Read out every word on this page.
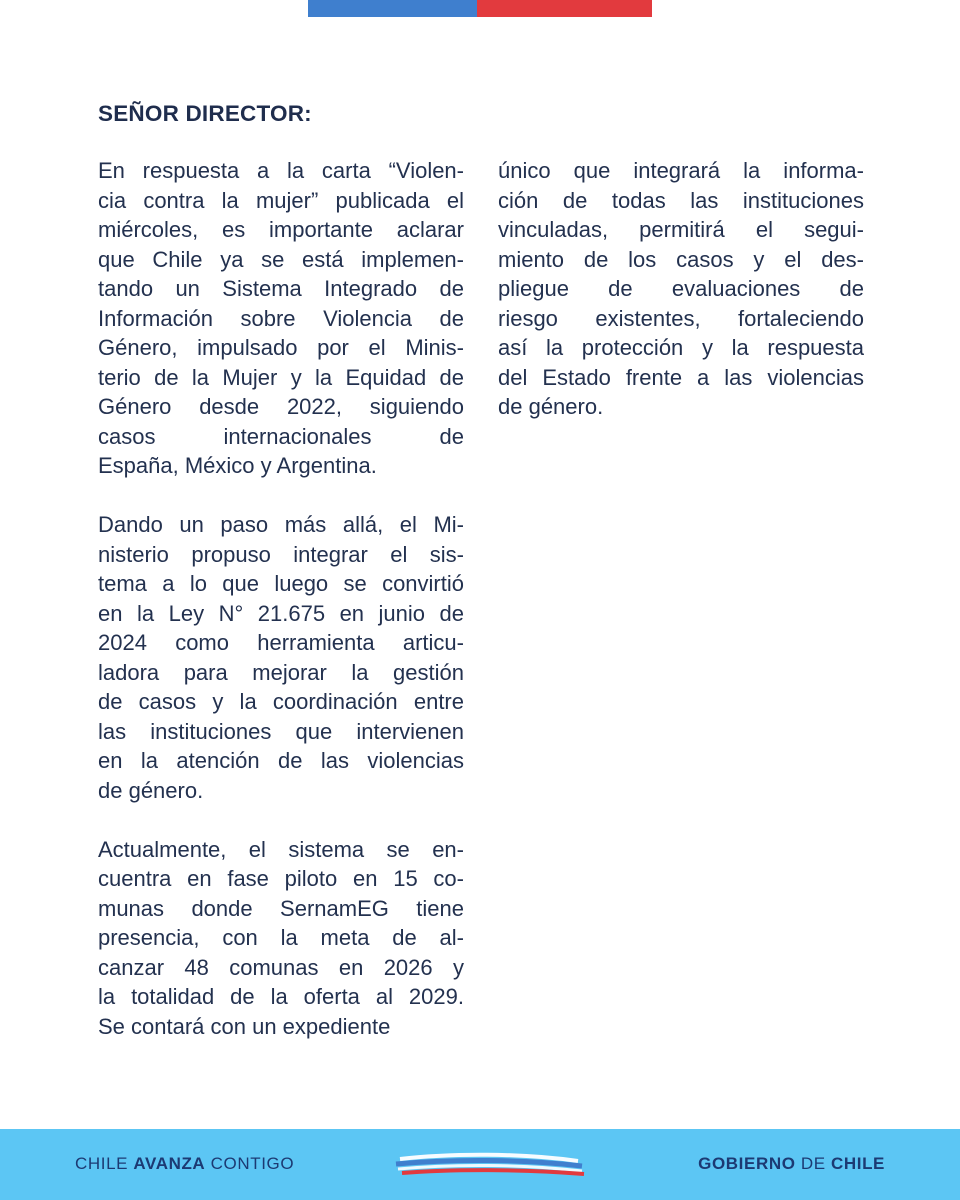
SEÑOR DIRECTOR:
En respuesta a la carta “Violen-
cia contra la mujer” publicada el
miércoles, es importante aclarar
que Chile ya se está implemen-
tando un Sistema Integrado de
Información sobre Violencia de
Género, impulsado por el Minis-
terio de la Mujer y la Equidad de
Género desde 2022, siguiendo
casos internacionales de
España, México y Argentina.
Dando un paso más allá, el Mi-
nisterio propuso integrar el sis-
tema a lo que luego se convirtió
en la Ley N° 21.675 en junio de
2024 como herramienta articu-
ladora para mejorar la gestión
de casos y la coordinación entre
las instituciones que intervienen
en la atención de las violencias
de género.
Actualmente, el sistema se en-
cuentra en fase piloto en 15 co-
munas donde SernamEG tiene
presencia, con la meta de al-
canzar 48 comunas en 2026 y
la totalidad de la oferta al 2029.
Se contará con un expediente
único que integrará la informa-
ción de todas las instituciones
vinculadas, permitirá el segui-
miento de los casos y el des-
pliegue de evaluaciones de
riesgo existentes, fortaleciendo
así la protección y la respuesta
del Estado frente a las violencias
de género.
CHILE AVANZA CONTIGO	GOBIERNO DE CHILE
